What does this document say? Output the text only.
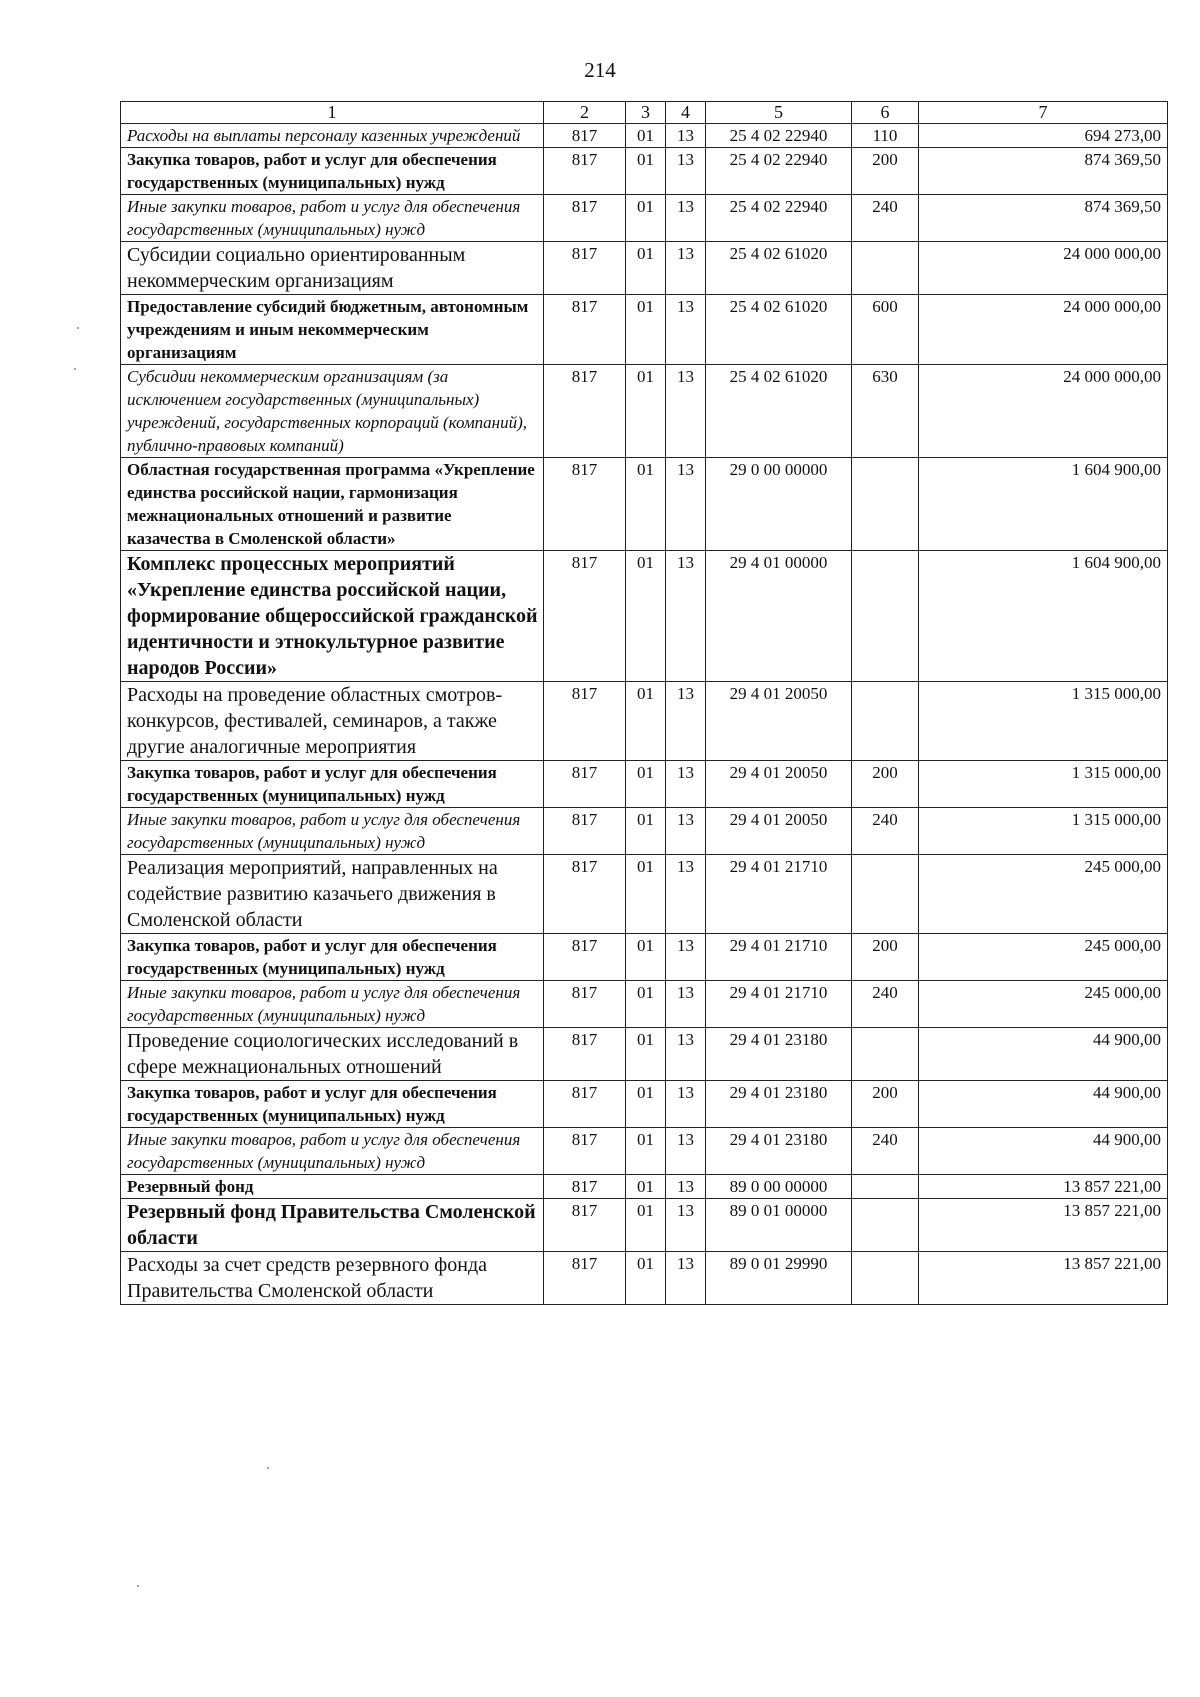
214
1	2	3	4	5	6	7
Расходы на выплаты персоналу казенных учреждений	817	01	13	25 4 02 22940	110	694 273,00
Закупка товаров, работ и услуг для обеспечения государственных (муниципальных) нужд	817	01	13	25 4 02 22940	200	874 369,50
Иные закупки товаров, работ и услуг для обеспечения государственных (муниципальных) нужд	817	01	13	25 4 02 22940	240	874 369,50
Субсидии социально ориентированным некоммерческим организациям	817	01	13	25 4 02 61020		24 000 000,00
Предоставление субсидий бюджетным, автономным учреждениям и иным некоммерческим организациям	817	01	13	25 4 02 61020	600	24 000 000,00
Субсидии некоммерческим организациям (за исключением государственных (муниципальных) учреждений, государственных корпораций (компаний), публично-правовых компаний)	817	01	13	25 4 02 61020	630	24 000 000,00
Областная государственная программа «Укрепление единства российской нации, гармонизация межнациональных отношений и развитие казачества в Смоленской области»	817	01	13	29 0 00 00000		1 604 900,00
Комплекс процессных мероприятий «Укрепление единства российской нации, формирование общероссийской гражданской идентичности и этнокультурное развитие народов России»	817	01	13	29 4 01 00000		1 604 900,00
Расходы на проведение областных смотров-конкурсов, фестивалей, семинаров, а также другие аналогичные мероприятия	817	01	13	29 4 01 20050		1 315 000,00
Закупка товаров, работ и услуг для обеспечения государственных (муниципальных) нужд	817	01	13	29 4 01 20050	200	1 315 000,00
Иные закупки товаров, работ и услуг для обеспечения государственных (муниципальных) нужд	817	01	13	29 4 01 20050	240	1 315 000,00
Реализация мероприятий, направленных на содействие развитию казачьего движения в Смоленской области	817	01	13	29 4 01 21710		245 000,00
Закупка товаров, работ и услуг для обеспечения государственных (муниципальных) нужд	817	01	13	29 4 01 21710	200	245 000,00
Иные закупки товаров, работ и услуг для обеспечения государственных (муниципальных) нужд	817	01	13	29 4 01 21710	240	245 000,00
Проведение социологических исследований в сфере межнациональных отношений	817	01	13	29 4 01 23180		44 900,00
Закупка товаров, работ и услуг для обеспечения государственных (муниципальных) нужд	817	01	13	29 4 01 23180	200	44 900,00
Иные закупки товаров, работ и услуг для обеспечения государственных (муниципальных) нужд	817	01	13	29 4 01 23180	240	44 900,00
Резервный фонд	817	01	13	89 0 00 00000		13 857 221,00
Резервный фонд Правительства Смоленской области	817	01	13	89 0 01 00000		13 857 221,00
Расходы за счет средств резервного фонда Правительства Смоленской области	817	01	13	89 0 01 29990		13 857 221,00
